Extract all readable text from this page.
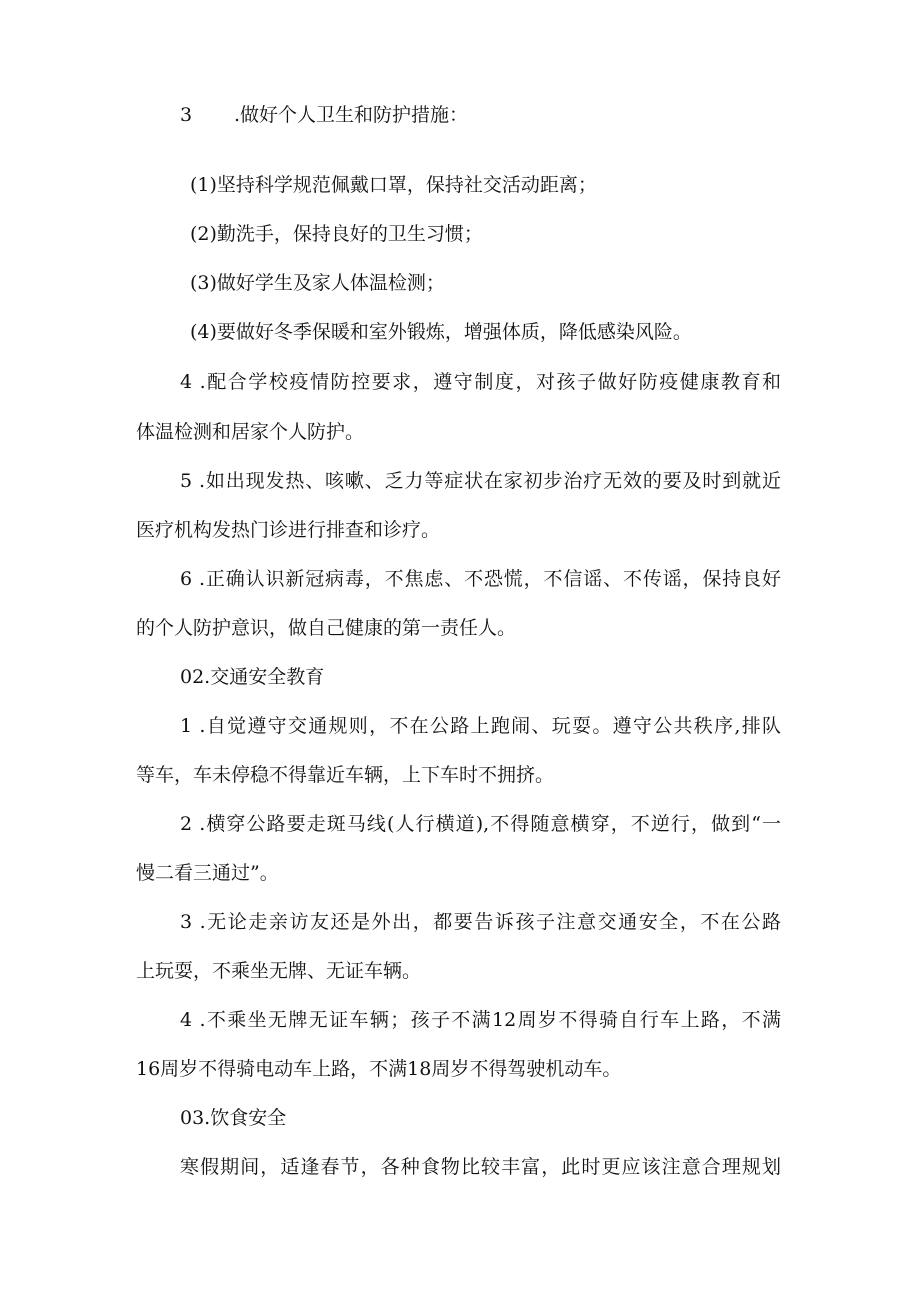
3 .做好个人卫生和防护措施：
(1)坚持科学规范佩戴口罩，保持社交活动距离；
(2)勤洗手，保持良好的卫生习惯；
(3)做好学生及家人体温检测；
(4)要做好冬季保暖和室外锻炼，增强体质，降低感染风险。
4 .配合学校疫情防控要求，遵守制度，对孩子做好防疫健康教育和
体温检测和居家个人防护。
5 .如出现发热、咳嗽、乏力等症状在家初步治疗无效的要及时到就近
医疗机构发热门诊进行排查和诊疗。
6 .正确认识新冠病毒，不焦虑、不恐慌，不信谣、不传谣，保持良好
的个人防护意识，做自己健康的第一责任人。
02.交通安全教育
1 .自觉遵守交通规则，不在公路上跑闹、玩耍。遵守公共秩序,排队
等车，车未停稳不得靠近车辆，上下车时不拥挤。
2 .横穿公路要走斑马线(人行横道),不得随意横穿，不逆行，做到“一
慢二看三通过”。
3 .无论走亲访友还是外出，都要告诉孩子注意交通安全，不在公路
上玩耍，不乘坐无牌、无证车辆。
4 .不乘坐无牌无证车辆；孩子不满12周岁不得骑自行车上路，不满
16周岁不得骑电动车上路，不满18周岁不得驾驶机动车。
03.饮食安全
寒假期间，适逢春节，各种食物比较丰富，此时更应该注意合理规划
